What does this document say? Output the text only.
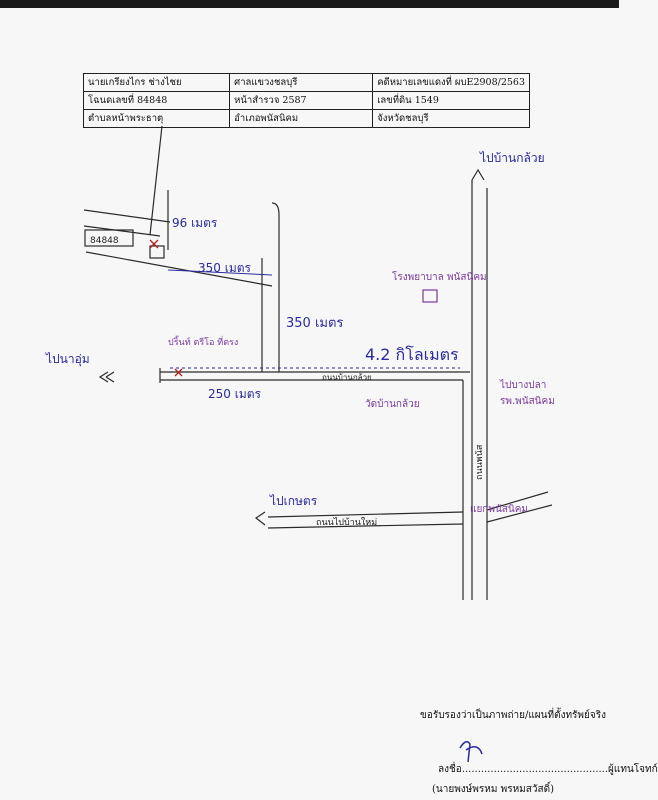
นายเกรียงไกร ช่างไชย	ศาลแขวงชลบุรี	คดีหมายเลขแดงที่ ผบE2908/2563
โฉนดเลขที่ 84848	หน้าสำรวจ 2587	เลขที่ดิน 1549
ตำบลหน้าพระธาตุ	อำเภอพนัสนิคม	จังหวัดชลบุรี
ไปบ้านกล้วย
ไปนาอุ่ม
ไปเกษตร
84848
96 เมตร
350 เมตร
350 เมตร
4.2 กิโลเมตร
250 เมตร
โรงพยาบาล พนัสนิคม
ปริ้นท์ ตรีโอ ที่ตรง
ถนนบ้านกล้วย
วัดบ้านกล้วย
ไปบางปลา
รพ.พนัสนิคม
ถนนไปบ้านใหม่
แยกพนัสนิคม
ถนนพนัส
ขอรับรองว่าเป็นภาพถ่าย/แผนที่ตั้งทรัพย์จริง
ลงชื่อ..............................................ผู้แทนโจทก์
(นายพงษ์พรหม พรหมสวัสดิ์)
